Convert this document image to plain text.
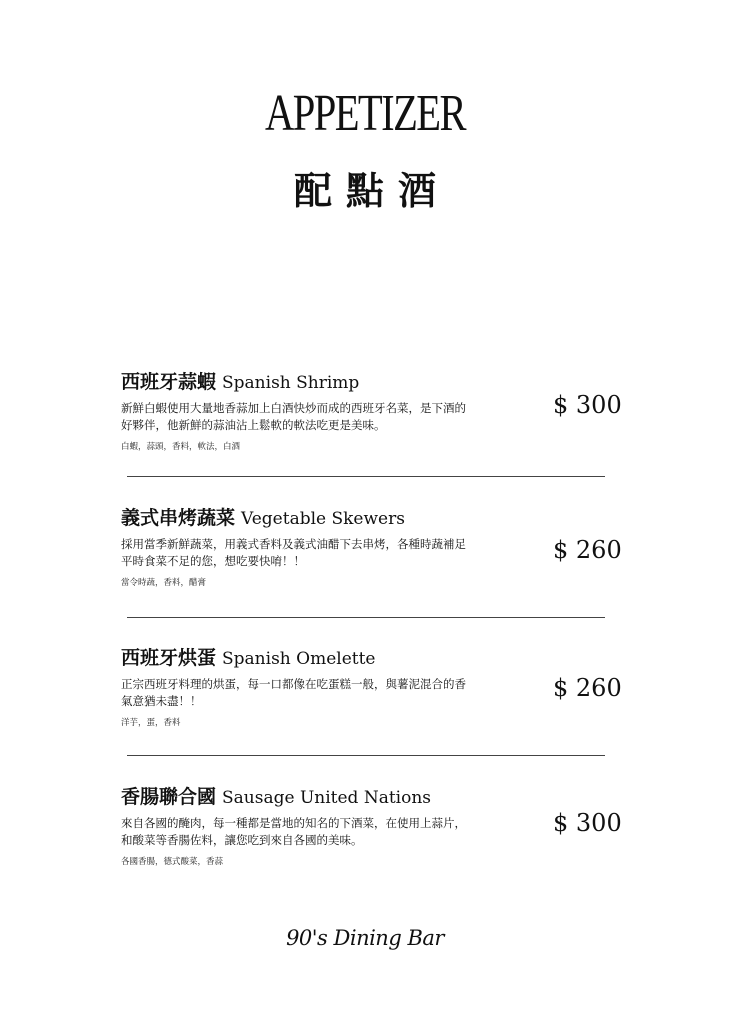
APPETIZER
配點酒
西班牙蒜蝦 Spanish Shrimp
新鮮白蝦使用大量地香蒜加上白酒快炒而成的西班牙名菜，是下酒的好夥伴，他新鮮的蒜油沾上鬆軟的軟法吃更是美味。
白蝦，蒜頭，香料，軟法，白酒
$ 300
義式串烤蔬菜 Vegetable Skewers
採用當季新鮮蔬菜，用義式香料及義式油醋下去串烤，各種時蔬補足平時食菜不足的您，想吃要快唷！！
當令時蔬，香料，醋膏
$ 260
西班牙烘蛋 Spanish Omelette
正宗西班牙料理的烘蛋，每一口都像在吃蛋糕一般，與薯泥混合的香氣意猶未盡！！
洋芋，蛋，香料
$ 260
香腸聯合國 Sausage United Nations
來自各國的醃肉，每一種都是當地的知名的下酒菜，在使用上蒜片，和酸菜等香腸佐料，讓您吃到來自各國的美味。
各國香腸，德式酸菜，香蒜
$ 300
90's Dining Bar
